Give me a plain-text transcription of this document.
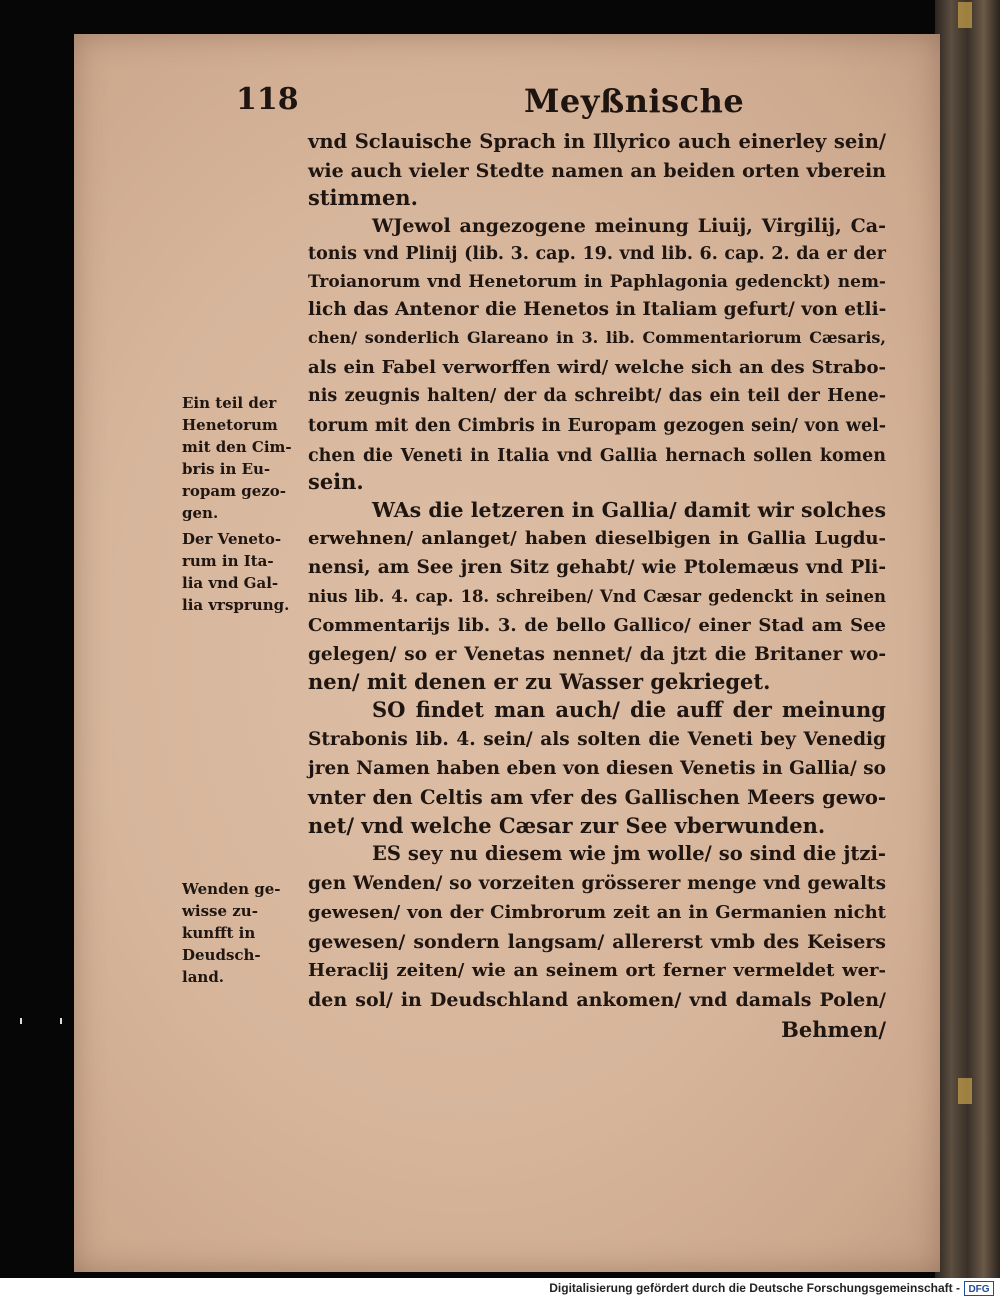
118	Meyßnische
vnd Sclauische Sprach in Illyrico auch einerley sein/
wie auch vieler Stedte namen an beiden orten vberein
stimmen.
WJewol angezogene meinung Liuij, Virgilij, Ca-
tonis vnd Plinij (lib. 3. cap. 19. vnd lib. 6. cap. 2. da er der
Troianorum vnd Henetorum in Paphlagonia gedenckt) nem-
lich das Antenor die Henetos in Italiam gefurt/ von etli-
chen/ sonderlich Glareano in 3. lib. Commentariorum Cæsaris,
als ein Fabel verworffen wird/ welche sich an des Strabo-
nis zeugnis halten/ der da schreibt/ das ein teil der Hene-
torum mit den Cimbris in Europam gezogen sein/ von wel-
chen die Veneti in Italia vnd Gallia hernach sollen komen
sein.
WAs die letzeren in Gallia/ damit wir solches
erwehnen/ anlanget/ haben dieselbigen in Gallia Lugdu-
nensi, am See jren Sitz gehabt/ wie Ptolemæus vnd Pli-
nius lib. 4. cap. 18. schreiben/ Vnd Cæsar gedenckt in seinen
Commentarijs lib. 3. de bello Gallico/ einer Stad am See
gelegen/ so er Venetas nennet/ da jtzt die Britaner wo-
nen/ mit denen er zu Wasser gekrieget.
SO findet man auch/ die auff der meinung
Strabonis lib. 4. sein/ als solten die Veneti bey Venedig
jren Namen haben eben von diesen Venetis in Gallia/ so
vnter den Celtis am vfer des Gallischen Meers gewo-
net/ vnd welche Cæsar zur See vberwunden.
ES sey nu diesem wie jm wolle/ so sind die jtzi-
gen Wenden/ so vorzeiten grösserer menge vnd gewalts
gewesen/ von der Cimbrorum zeit an in Germanien nicht
gewesen/ sondern langsam/ allererst vmb des Keisers
Heraclij zeiten/ wie an seinem ort ferner vermeldet wer-
den sol/ in Deudschland ankomen/ vnd damals Polen/
Behmen/
Ein teil der
Henetorum
mit den Cim-
bris in Eu-
ropam gezo-
gen.
Der Veneto-
rum in Ita-
lia vnd Gal-
lia vrsprung.
Wenden ge-
wisse zu-
kunfft in
Deudsch-
land.
Digitalisierung gefördert durch die Deutsche Forschungsgemeinschaft - DFG
